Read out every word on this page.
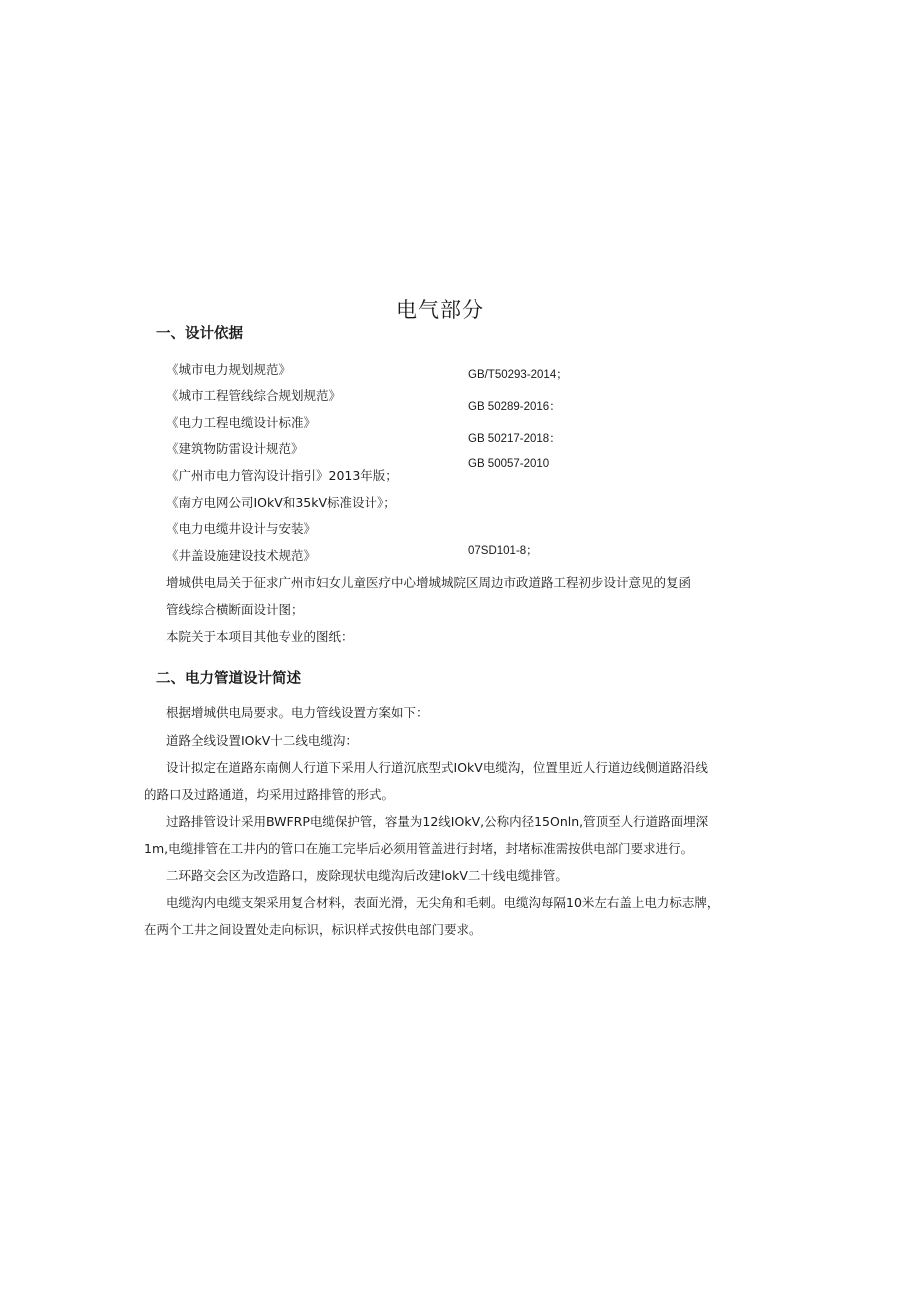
电气部分
一、设计依据
《城市电力规划规范》
《城市工程管线综合规划规范》
《电力工程电缆设计标准》
《建筑物防雷设计规范》
《广州市电力管沟设计指引》2013年版；
《南方电网公司IOkV和35kV标准设计》；
《电力电缆井设计与安装》
《井盖设施建设技术规范》
GB/T50293-2014；
GB 50289-2016：
GB 50217-2018：
GB 50057-2010
07SD101-8；
增城供电局关于征求广州市妇女儿童医疗中心增城城院区周边市政道路工程初步设计意见的复函
管线综合横断面设计图；
本院关于本项目其他专业的图纸：
二、电力管道设计简述
根据增城供电局要求。电力管线设置方案如下：
道路全线设置IOkV十二线电缆沟：
设计拟定在道路东南侧人行道下采用人行道沉底型式IOkV电缆沟，位置里近人行道边线侧道路沿线
的路口及过路通道，均采用过路排管的形式。
过路排管设计采用BWFRP电缆保护管，容量为12线IOkV,公称内径15Onln,管顶至人行道路面埋深
1m,电缆排管在工井内的管口在施工完毕后必须用管盖进行封堵，封堵标准需按供电部门要求进行。
二环路交会区为改造路口，废除现状电缆沟后改建lokV二十线电缆排管。
电缆沟内电缆支架采用复合材料，表面光滑，无尖角和毛刺。电缆沟每隔10米左右盖上电力标志牌，
在两个工井之间设置处走向标识，标识样式按供电部门要求。
